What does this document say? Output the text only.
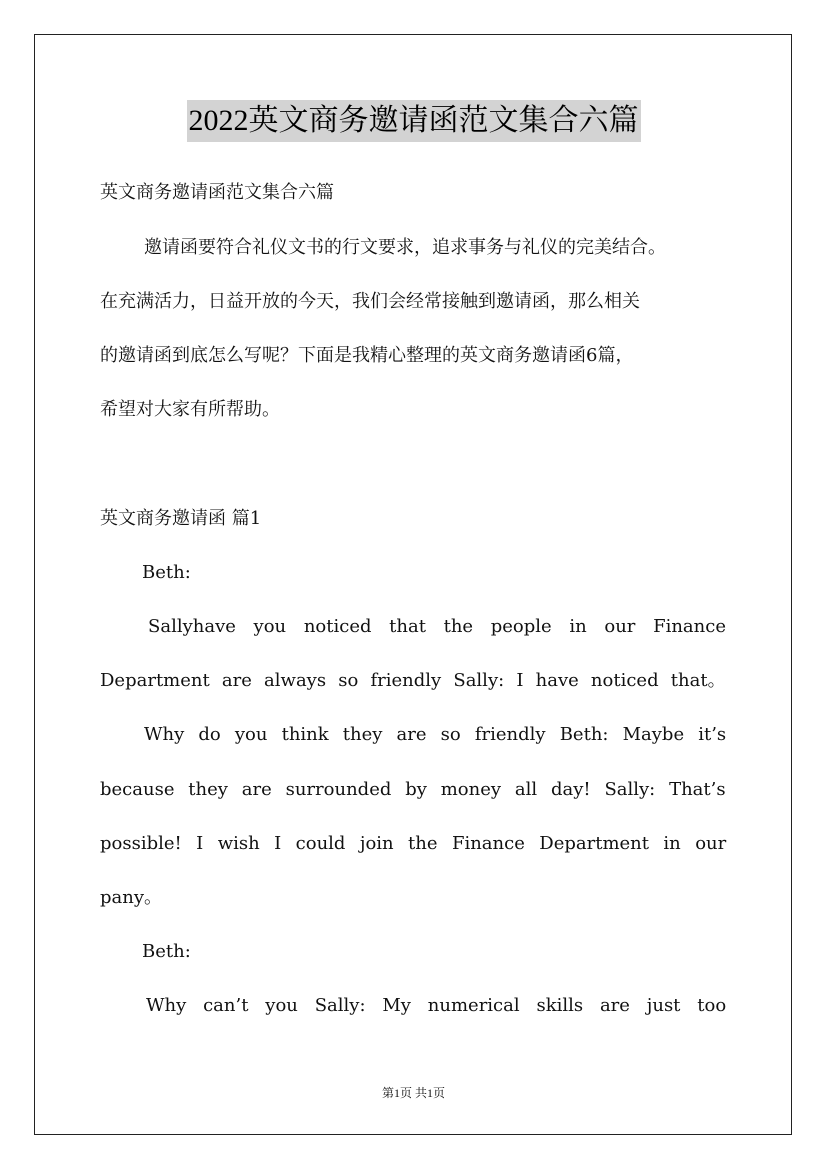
2022英文商务邀请函范文集合六篇
英文商务邀请函范文集合六篇
邀请函要符合礼仪文书的行文要求，追求事务与礼仪的完美结合。
在充满活力，日益开放的今天，我们会经常接触到邀请函，那么相关
的邀请函到底怎么写呢？下面是我精心整理的英文商务邀请函6篇，
希望对大家有所帮助。
英文商务邀请函 篇1
Beth:
Sallyhave you noticed that the people in our Finance
Department are always so friendly Sally: I have noticed that。
Why do you think they are so friendly Beth: Maybe it’s
because they are surrounded by money all day! Sally: That’s
possible! I wish I could join the Finance Department in our
pany。
Beth:
Why can’t you Sally: My numerical skills are just too
第1页 共1页
